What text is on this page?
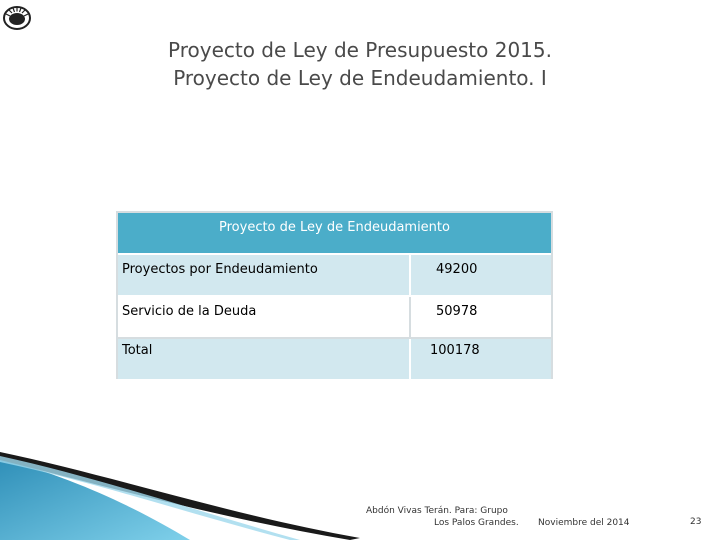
Proyecto de Ley de Presupuesto 2015.
Proyecto de Ley de Endeudamiento. I
Proyecto de Ley de Endeudamiento
Proyectos por Endeudamiento	49200
Servicio de la Deuda	50978
Total	100178
Abdón Vivas Terán. Para: Grupo
Los Palos Grandes. Noviembre del 2014	23
